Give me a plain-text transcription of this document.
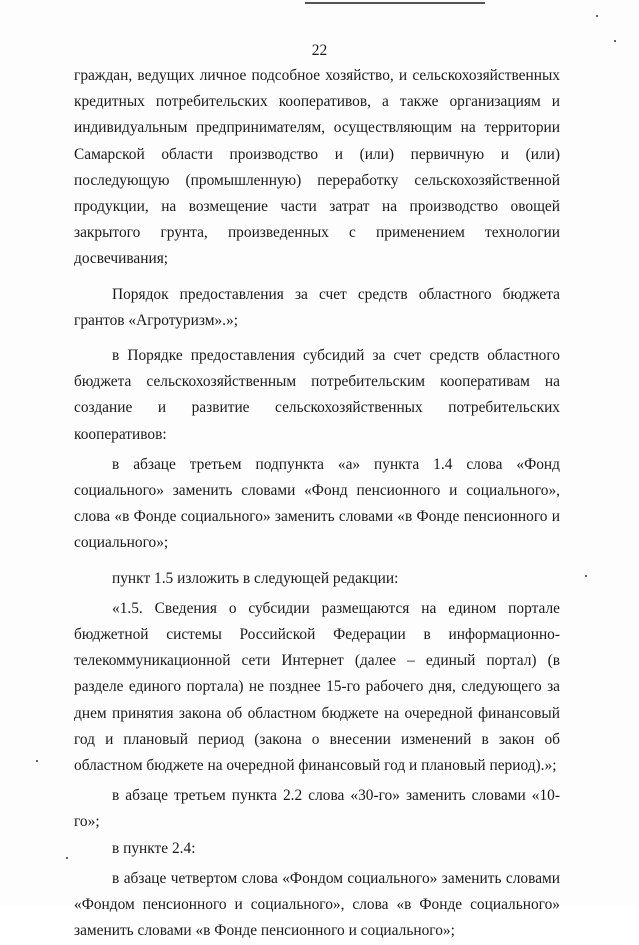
22

граждан, ведущих личное подсобное хозяйство, и сельскохозяйственных кредитных потребительских кооперативов, а также организациям и индивидуальным предпринимателям, осуществляющим на территории Самарской области производство и (или) первичную и (или) последующую (промышленную) переработку сельскохозяйственной продукции, на возмещение части затрат на производство овощей закрытого грунта, произведенных с применением технологии досвечивания;

Порядок предоставления за счет средств областного бюджета грантов «Агротуризм».»;

в Порядке предоставления субсидий за счет средств областного бюджета сельскохозяйственным потребительским кооперативам на создание и развитие сельскохозяйственных потребительских кооперативов:

в абзаце третьем подпункта «а» пункта 1.4 слова «Фонд социального» заменить словами «Фонд пенсионного и социального», слова «в Фонде социального» заменить словами «в Фонде пенсионного и социального»;

пункт 1.5 изложить в следующей редакции:

«1.5. Сведения о субсидии размещаются на едином портале бюджетной системы Российской Федерации в информационно-телекоммуникационной сети Интернет (далее – единый портал) (в разделе единого портала) не позднее 15-го рабочего дня, следующего за днем принятия закона об областном бюджете на очередной финансовый год и плановый период (закона о внесении изменений в закон об областном бюджете на очередной финансовый год и плановый период).»;

в абзаце третьем пункта 2.2 слова «30-го» заменить словами «10-го»;

в пункте 2.4:

в абзаце четвертом слова «Фондом социального» заменить словами «Фондом пенсионного и социального», слова «в Фонде социального» заменить словами «в Фонде пенсионного и социального»;
